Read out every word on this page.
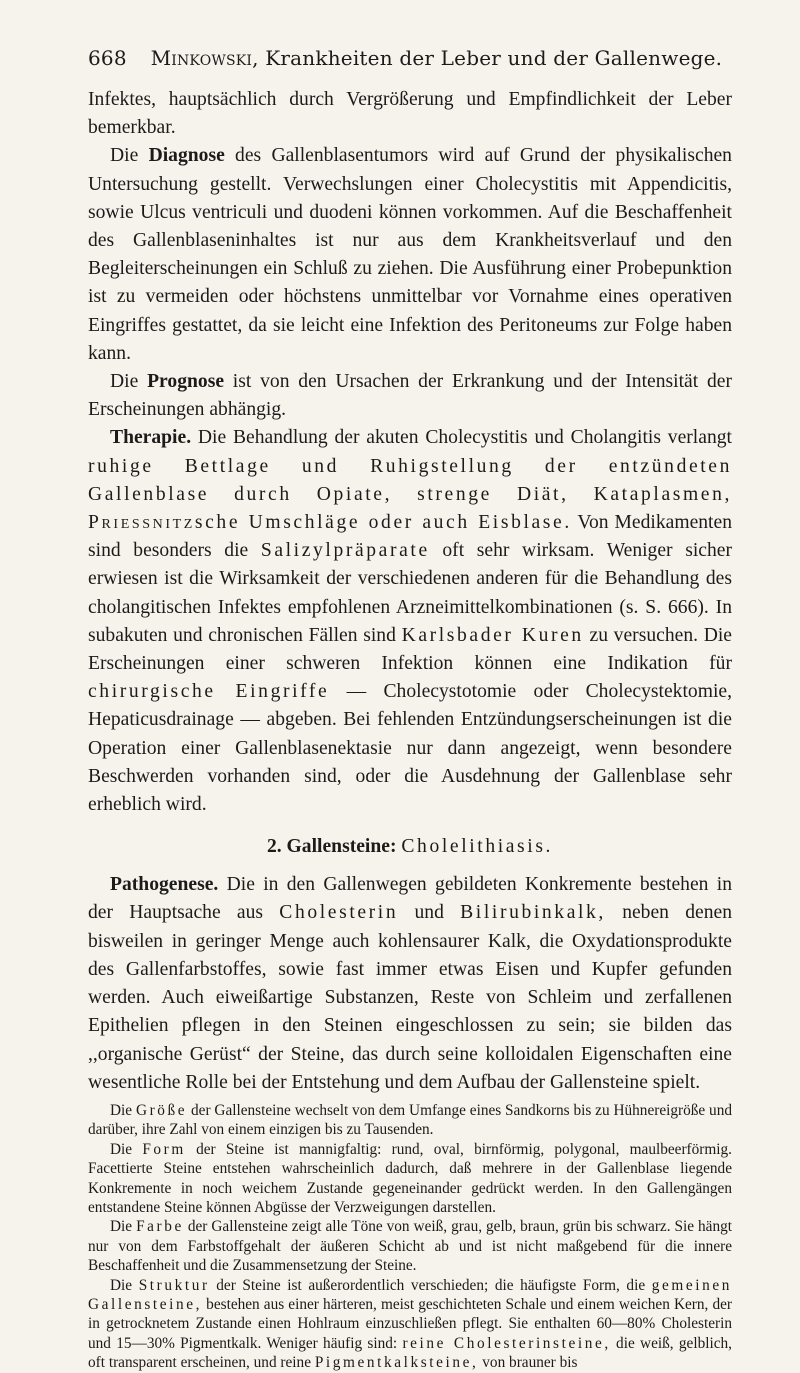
668 Minkowski, Krankheiten der Leber und der Gallenwege.

Infektes, hauptsächlich durch Vergrößerung und Empfindlichkeit der Leber bemerkbar.

Die Diagnose des Gallenblasentumors wird auf Grund der physikalischen Untersuchung gestellt. Verwechslungen einer Cholecystitis mit Appendicitis, sowie Ulcus ventriculi und duodeni können vorkommen. Auf die Beschaffenheit des Gallenblaseninhaltes ist nur aus dem Krankheitsverlauf und den Begleiterscheinungen ein Schluß zu ziehen. Die Ausführung einer Probepunktion ist zu vermeiden oder höchstens unmittelbar vor Vornahme eines operativen Eingriffes gestattet, da sie leicht eine Infektion des Peritoneums zur Folge haben kann.

Die Prognose ist von den Ursachen der Erkrankung und der Intensität der Erscheinungen abhängig.

Therapie. Die Behandlung der akuten Cholecystitis und Cholangitis verlangt ruhige Bettlage und Ruhigstellung der entzündeten Gallenblase durch Opiate, strenge Diät, Kataplasmen, Priessnitzsche Umschläge oder auch Eisblase. Von Medikamenten sind besonders die Salizylpräparate oft sehr wirksam. Weniger sicher erwiesen ist die Wirksamkeit der verschiedenen anderen für die Behandlung des cholangitischen Infektes empfohlenen Arzneimittelkombinationen (s. S. 666). In subakuten und chronischen Fällen sind Karlsbader Kuren zu versuchen. Die Erscheinungen einer schweren Infektion können eine Indikation für chirurgische Eingriffe — Cholecystotomie oder Cholecystektomie, Hepaticusdrainage — abgeben. Bei fehlenden Entzündungserscheinungen ist die Operation einer Gallenblasenektasie nur dann angezeigt, wenn besondere Beschwerden vorhanden sind, oder die Ausdehnung der Gallenblase sehr erheblich wird.

2. Gallensteine: Cholelithiasis.

Pathogenese. Die in den Gallenwegen gebildeten Konkremente bestehen in der Hauptsache aus Cholesterin und Bilirubinkalk, neben denen bisweilen in geringer Menge auch kohlensaurer Kalk, die Oxydationsprodukte des Gallenfarbstoffes, sowie fast immer etwas Eisen und Kupfer gefunden werden. Auch eiweißartige Substanzen, Reste von Schleim und zerfallenen Epithelien pflegen in den Steinen eingeschlossen zu sein; sie bilden das ,,organische Gerüst“ der Steine, das durch seine kolloidalen Eigenschaften eine wesentliche Rolle bei der Entstehung und dem Aufbau der Gallensteine spielt.

Die Größe der Gallensteine wechselt von dem Umfange eines Sandkorns bis zu Hühnereigröße und darüber, ihre Zahl von einem einzigen bis zu Tausenden.

Die Form der Steine ist mannigfaltig: rund, oval, birnförmig, polygonal, maulbeerförmig. Facettierte Steine entstehen wahrscheinlich dadurch, daß mehrere in der Gallenblase liegende Konkremente in noch weichem Zustande gegeneinander gedrückt werden. In den Gallengängen entstandene Steine können Abgüsse der Verzweigungen darstellen.

Die Farbe der Gallensteine zeigt alle Töne von weiß, grau, gelb, braun, grün bis schwarz. Sie hängt nur von dem Farbstoffgehalt der äußeren Schicht ab und ist nicht maßgebend für die innere Beschaffenheit und die Zusammensetzung der Steine.

Die Struktur der Steine ist außerordentlich verschieden; die häufigste Form, die gemeinen Gallensteine, bestehen aus einer härteren, meist geschichteten Schale und einem weichen Kern, der in getrocknetem Zustande einen Hohlraum einzuschließen pflegt. Sie enthalten 60—80% Cholesterin und 15—30% Pigmentkalk. Weniger häufig sind: reine Cholesterinsteine, die weiß, gelblich, oft transparent erscheinen, und reine Pigmentkalksteine, von brauner bis
